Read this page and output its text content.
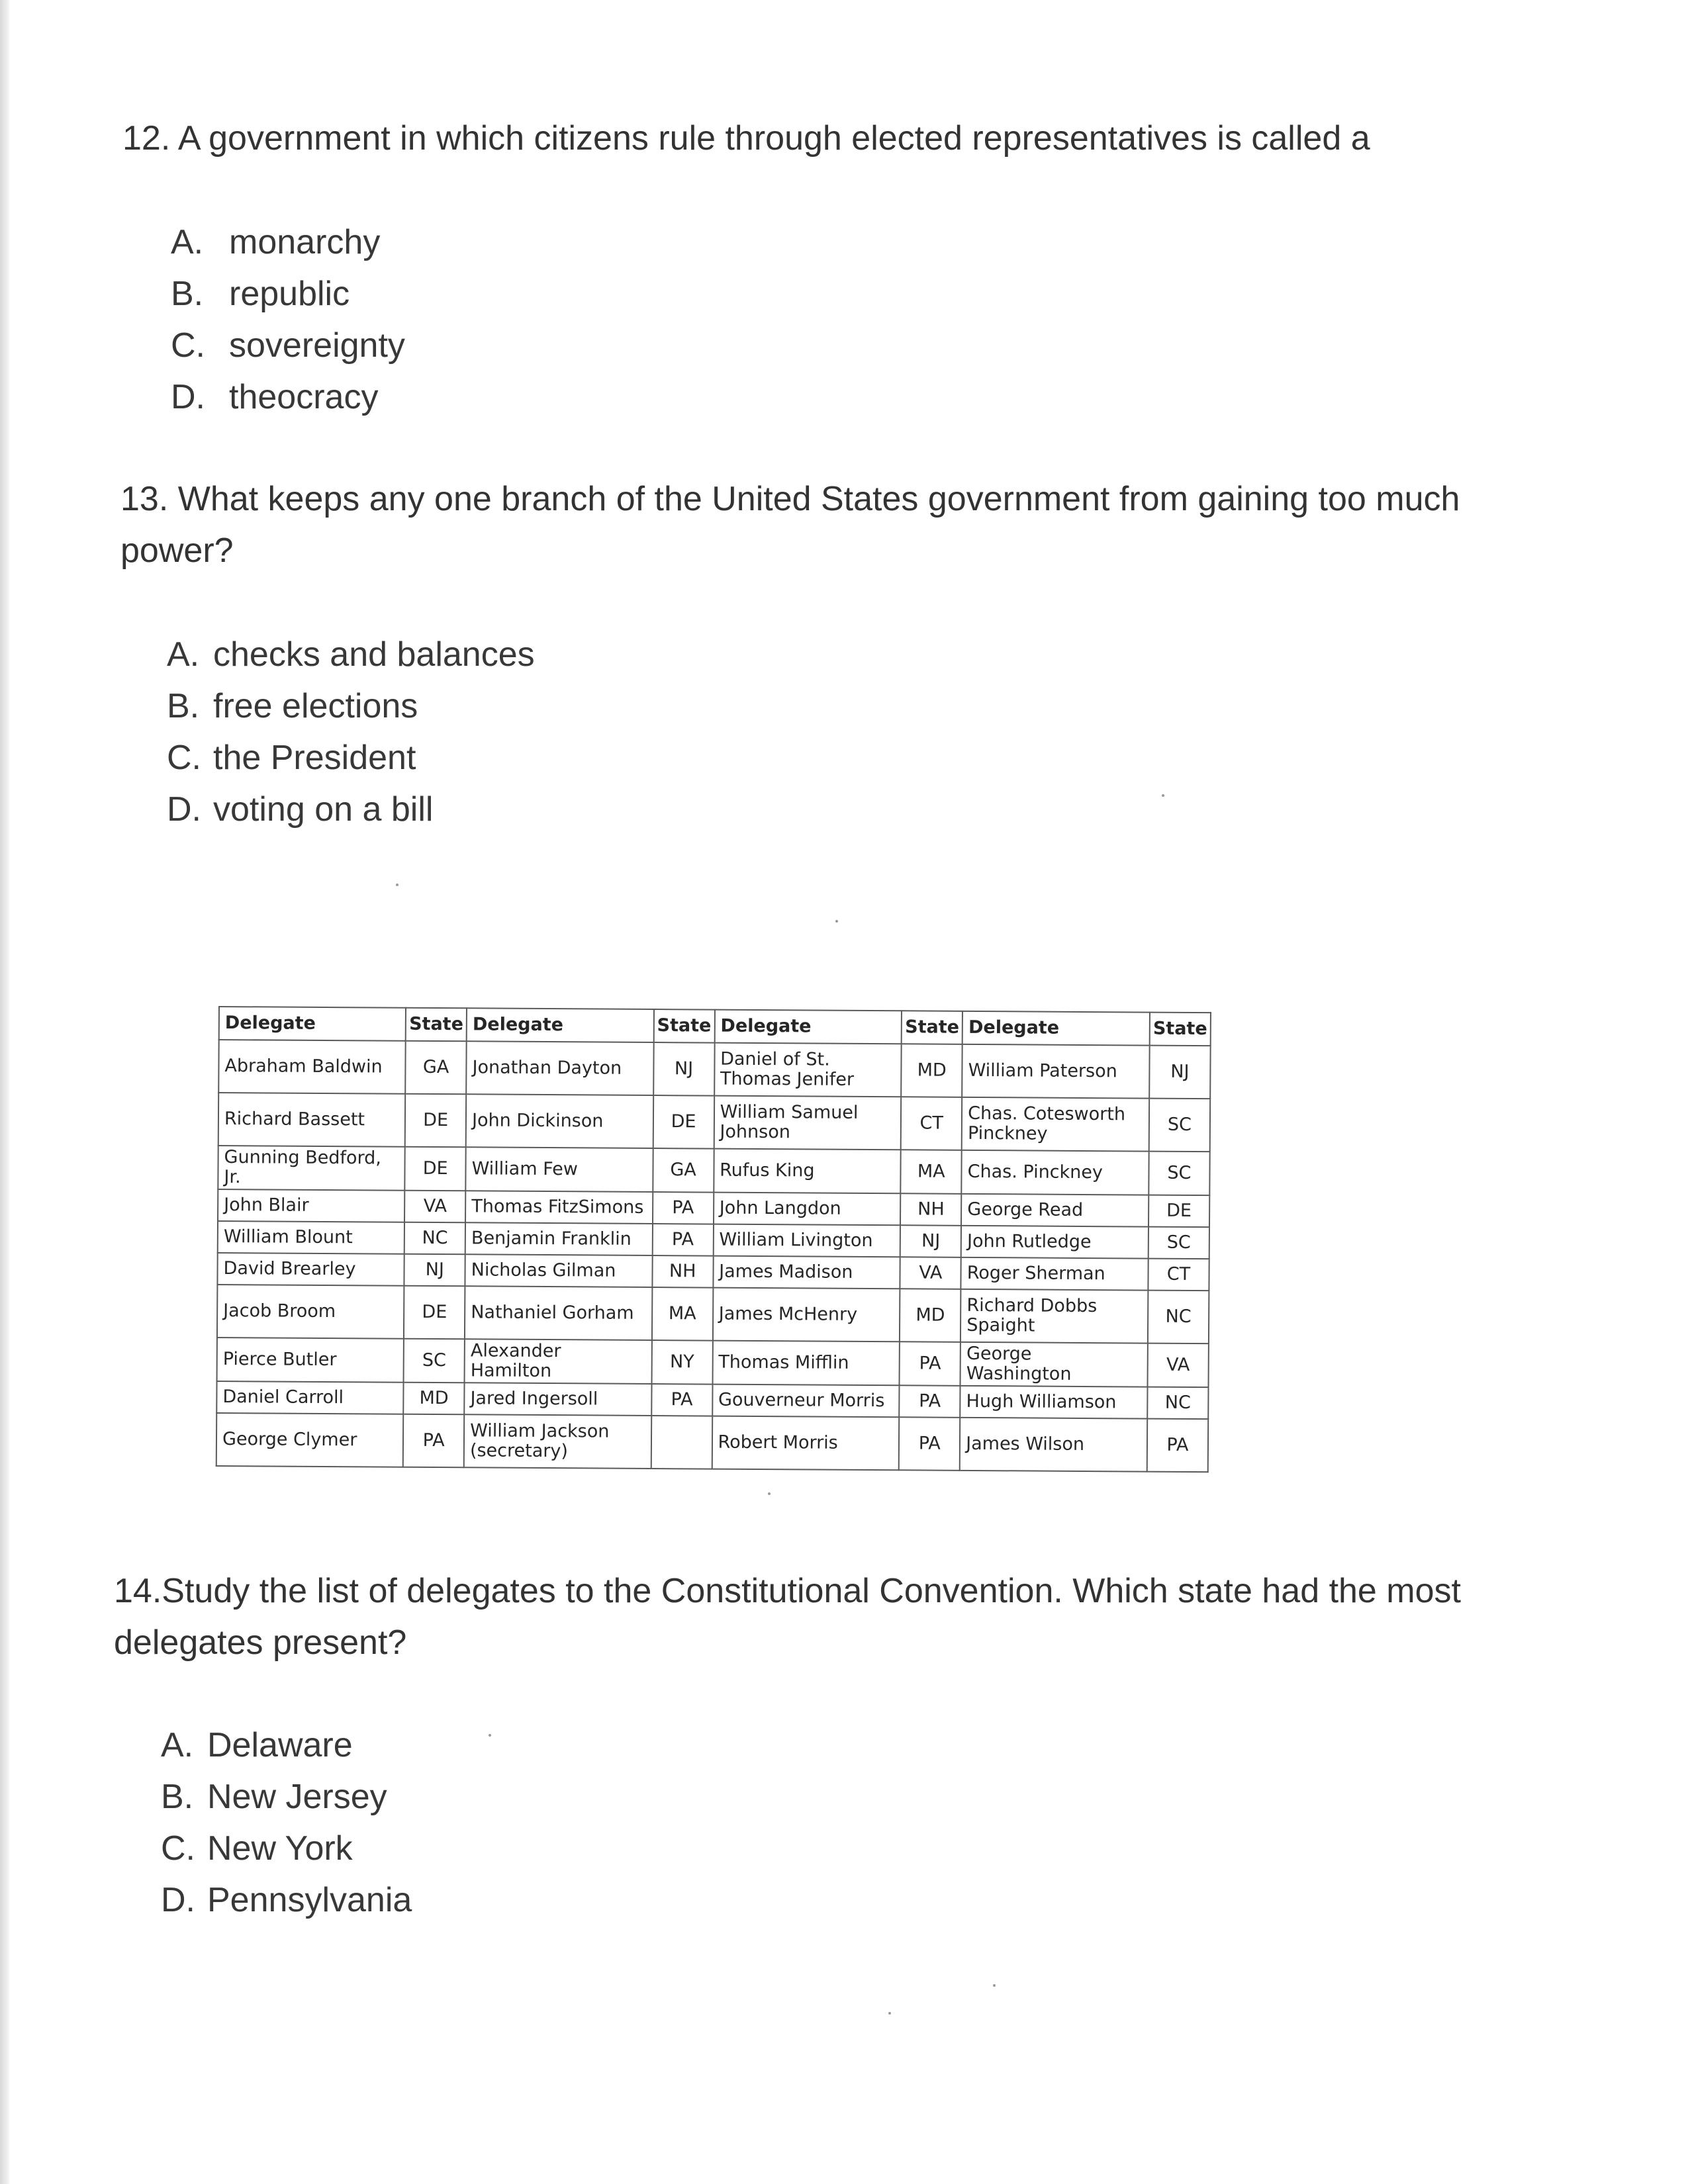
12. A government in which citizens rule through elected representatives is called a
A. monarchy
B. republic
C. sovereignty
D. theocracy
13. What keeps any one branch of the United States government from gaining too much power?
A. checks and balances
B. free elections
C. the President
D. voting on a bill
Delegate	State	Delegate	State	Delegate	State	Delegate	State
Abraham Baldwin	GA	Jonathan Dayton	NJ	Daniel of St. Thomas Jenifer	MD	William Paterson	NJ
Richard Bassett	DE	John Dickinson	DE	William Samuel Johnson	CT	Chas. Cotesworth Pinckney	SC
Gunning Bedford, Jr.	DE	William Few	GA	Rufus King	MA	Chas. Pinckney	SC
John Blair	VA	Thomas FitzSimons	PA	John Langdon	NH	George Read	DE
William Blount	NC	Benjamin Franklin	PA	William Livington	NJ	John Rutledge	SC
David Brearley	NJ	Nicholas Gilman	NH	James Madison	VA	Roger Sherman	CT
Jacob Broom	DE	Nathaniel Gorham	MA	James McHenry	MD	Richard Dobbs Spaight	NC
Pierce Butler	SC	Alexander Hamilton	NY	Thomas Mifflin	PA	George Washington	VA
Daniel Carroll	MD	Jared Ingersoll	PA	Gouverneur Morris	PA	Hugh Williamson	NC
George Clymer	PA	William Jackson (secretary)		Robert Morris	PA	James Wilson	PA
14.Study the list of delegates to the Constitutional Convention. Which state had the most delegates present?
A. Delaware
B. New Jersey
C. New York
D. Pennsylvania
